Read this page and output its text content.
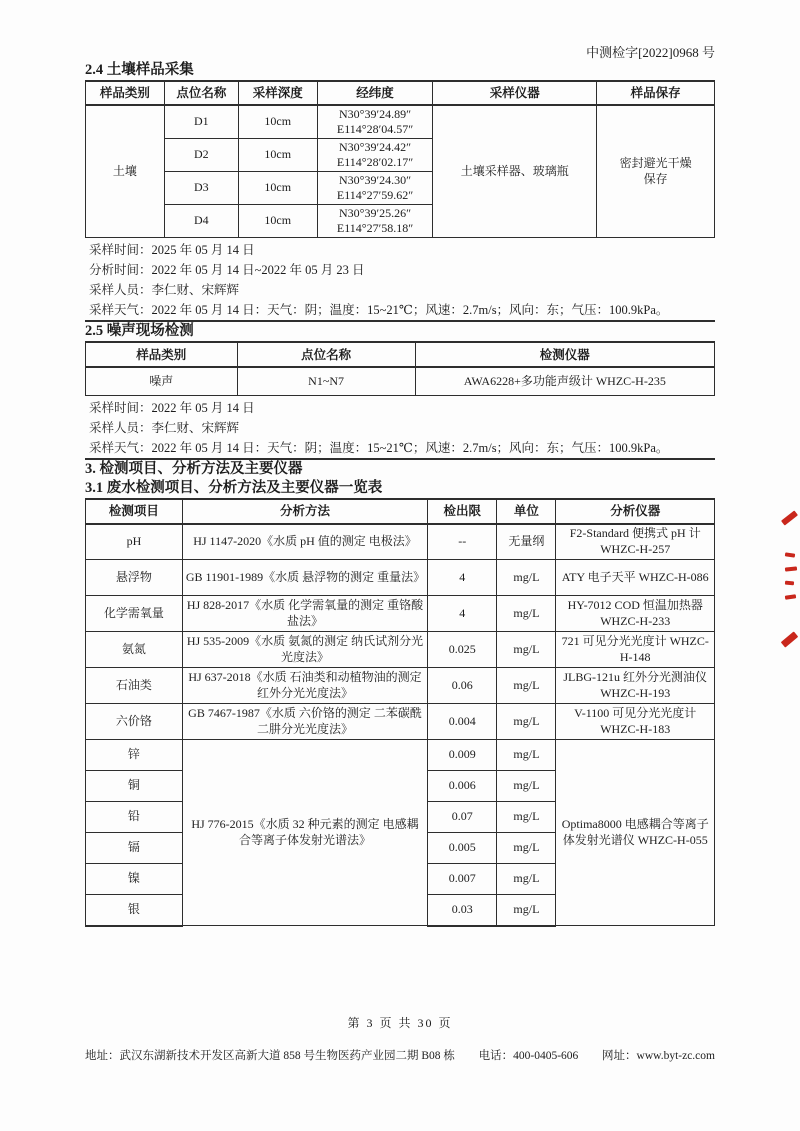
中测检字[2022]0968 号
2.4 土壤样品采集
样品类别	点位名称	采样深度	经纬度	采样仪器	样品保存
土壤	D1	10cm	N30°39′24.89″
E114°28′04.57″	土壤采样器、玻璃瓶	密封避光干燥保存
	D2	10cm	N30°39′24.42″
E114°28′02.17″		

	D3	10cm	N30°39′24.30″
E114°27′59.62″		

	D4	10cm	N30°39′25.26″
E114°27′58.18″		
采样时间：2025 年 05 月 14 日
分析时间：2022 年 05 月 14 日~2022 年 05 月 23 日
采样人员：李仁财、宋辉辉
采样天气：2022 年 05 月 14 日：天气：阴；温度：15~21℃；风速：2.7m/s；风向：东；气压：100.9kPa。
2.5 噪声现场检测
样品类别	点位名称	检测仪器
噪声	N1~N7	AWA6228+多功能声级计 WHZC-H-235
采样时间：2022 年 05 月 14 日
采样人员：李仁财、宋辉辉
采样天气：2022 年 05 月 14 日：天气：阴；温度：15~21℃；风速：2.7m/s；风向：东；气压：100.9kPa。
3. 检测项目、分析方法及主要仪器
3.1 废水检测项目、分析方法及主要仪器一览表
检测项目	分析方法	检出限	单位	分析仪器
pH	HJ 1147-2020《水质 pH 值的测定 电极法》	--	无量纲	F2-Standard 便携式 pH 计 WHZC-H-257
悬浮物	GB 11901-1989《水质 悬浮物的测定 重量法》	4	mg/L	ATY 电子天平 WHZC-H-086
化学需氧量	HJ 828-2017《水质 化学需氧量的测定 重铬酸盐法》	4	mg/L	HY-7012 COD 恒温加热器 WHZC-H-233
氨氮	HJ 535-2009《水质 氨氮的测定 纳氏试剂分光光度法》	0.025	mg/L	721 可见分光光度计 WHZC-H-148
石油类	HJ 637-2018《水质 石油类和动植物油的测定 红外分光光度法》	0.06	mg/L	JLBG-121u 红外分光测油仪 WHZC-H-193
六价铬	GB 7467-1987《水质 六价铬的测定 二苯碳酰二肼分光光度法》	0.004	mg/L	V-1100 可见分光光度计 WHZC-H-183
锌	HJ 776-2015《水质 32 种元素的测定 电感耦合等离子体发射光谱法》	0.009	mg/L	Optima8000 电感耦合等离子体发射光谱仪 WHZC-H-055
铜		0.006	mg/L	
铅		0.07	mg/L	
镉		0.005	mg/L	
镍		0.007	mg/L	
银		0.03	mg/L	
第 3 页 共 30 页
地址：武汉东湖新技术开发区高新大道 858 号生物医药产业园二期 B08 栋 电话：400-0405-606 网址：www.byt-zc.com
